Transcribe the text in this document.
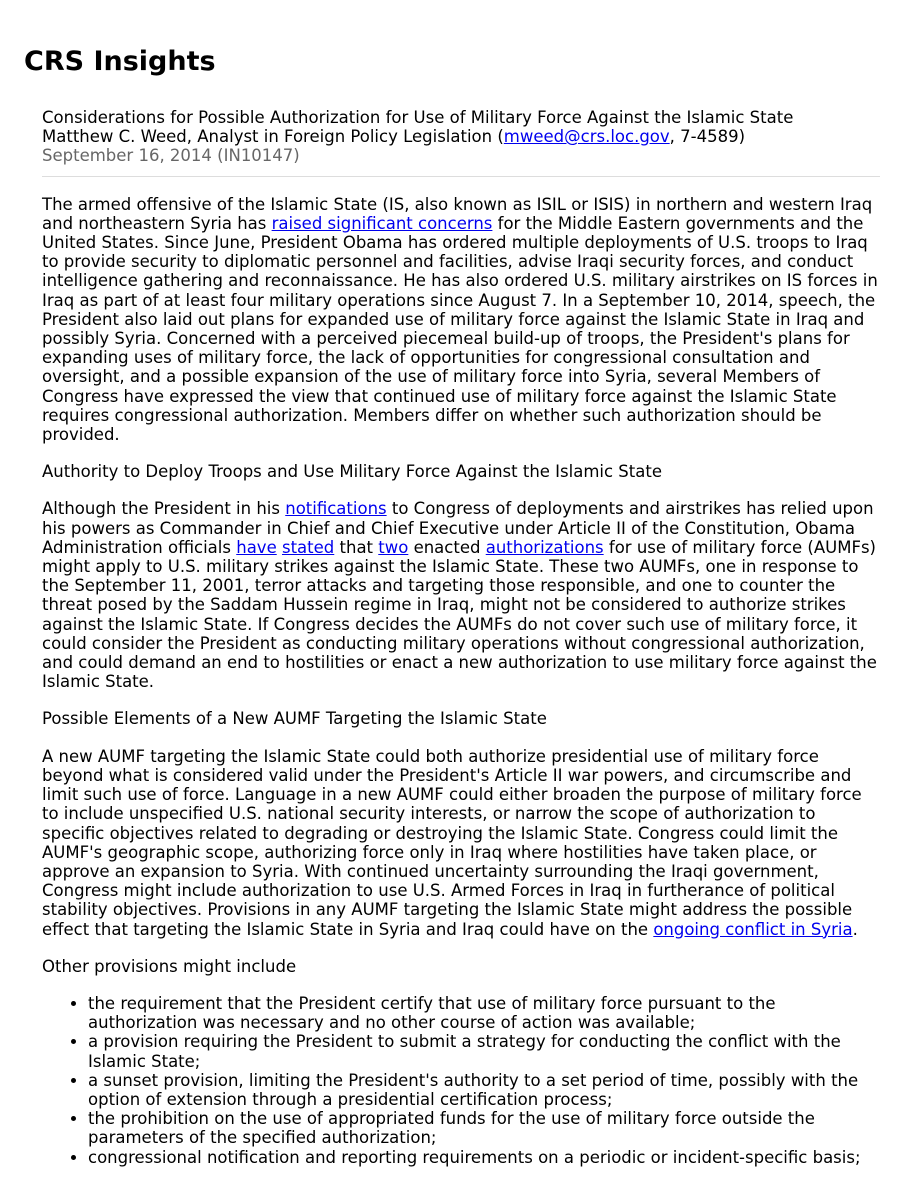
CRS Insights
Considerations for Possible Authorization for Use of Military Force Against the Islamic State
Matthew C. Weed, Analyst in Foreign Policy Legislation (mweed@crs.loc.gov, 7-4589)
September 16, 2014 (IN10147)

The armed offensive of the Islamic State (IS, also known as ISIL or ISIS) in northern and western Iraq and northeastern Syria has raised significant concerns for the Middle Eastern governments and the United States. Since June, President Obama has ordered multiple deployments of U.S. troops to Iraq to provide security to diplomatic personnel and facilities, advise Iraqi security forces, and conduct intelligence gathering and reconnaissance. He has also ordered U.S. military airstrikes on IS forces in Iraq as part of at least four military operations since August 7. In a September 10, 2014, speech, the President also laid out plans for expanded use of military force against the Islamic State in Iraq and possibly Syria. Concerned with a perceived piecemeal build-up of troops, the President's plans for expanding uses of military force, the lack of opportunities for congressional consultation and oversight, and a possible expansion of the use of military force into Syria, several Members of Congress have expressed the view that continued use of military force against the Islamic State requires congressional authorization. Members differ on whether such authorization should be provided.

Authority to Deploy Troops and Use Military Force Against the Islamic State

Although the President in his notifications to Congress of deployments and airstrikes has relied upon his powers as Commander in Chief and Chief Executive under Article II of the Constitution, Obama Administration officials have stated that two enacted authorizations for use of military force (AUMFs) might apply to U.S. military strikes against the Islamic State. These two AUMFs, one in response to the September 11, 2001, terror attacks and targeting those responsible, and one to counter the threat posed by the Saddam Hussein regime in Iraq, might not be considered to authorize strikes against the Islamic State. If Congress decides the AUMFs do not cover such use of military force, it could consider the President as conducting military operations without congressional authorization, and could demand an end to hostilities or enact a new authorization to use military force against the Islamic State.

Possible Elements of a New AUMF Targeting the Islamic State

A new AUMF targeting the Islamic State could both authorize presidential use of military force beyond what is considered valid under the President's Article II war powers, and circumscribe and limit such use of force. Language in a new AUMF could either broaden the purpose of military force to include unspecified U.S. national security interests, or narrow the scope of authorization to specific objectives related to degrading or destroying the Islamic State. Congress could limit the AUMF's geographic scope, authorizing force only in Iraq where hostilities have taken place, or approve an expansion to Syria. With continued uncertainty surrounding the Iraqi government, Congress might include authorization to use U.S. Armed Forces in Iraq in furtherance of political stability objectives. Provisions in any AUMF targeting the Islamic State might address the possible effect that targeting the Islamic State in Syria and Iraq could have on the ongoing conflict in Syria.

Other provisions might include

• the requirement that the President certify that use of military force pursuant to the authorization was necessary and no other course of action was available;
• a provision requiring the President to submit a strategy for conducting the conflict with the Islamic State;
• a sunset provision, limiting the President's authority to a set period of time, possibly with the option of extension through a presidential certification process;
• the prohibition on the use of appropriated funds for the use of military force outside the parameters of the specified authorization;
• congressional notification and reporting requirements on a periodic or incident-specific basis;
